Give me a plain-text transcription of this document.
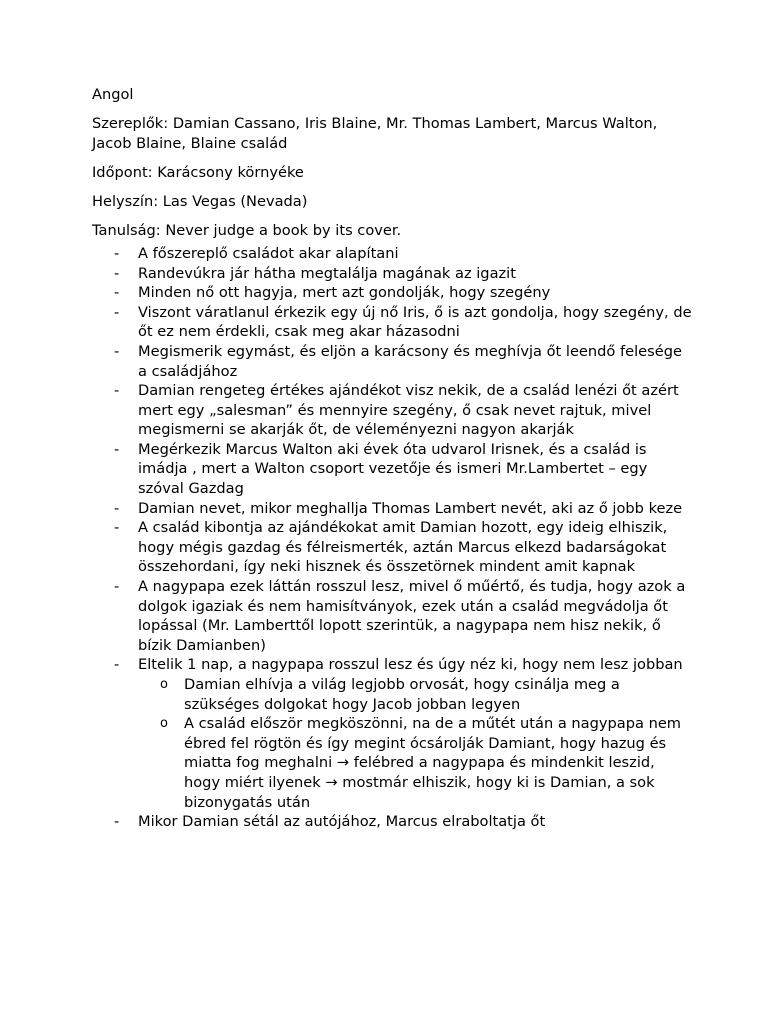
Angol

Szereplők: Damian Cassano, Iris Blaine, Mr. Thomas Lambert, Marcus Walton, Jacob Blaine, Blaine család

Időpont: Karácsony környéke

Helyszín: Las Vegas (Nevada)

Tanulság: Never judge a book by its cover.

- A főszereplő családot akar alapítani
- Randevúkra jár hátha megtalálja magának az igazit
- Minden nő ott hagyja, mert azt gondolják, hogy szegény
- Viszont váratlanul érkezik egy új nő Iris, ő is azt gondolja, hogy szegény, de őt ez nem érdekli, csak meg akar házasodni
- Megismerik egymást, és eljön a karácsony és meghívja őt leendő felesége a családjához
- Damian rengeteg értékes ajándékot visz nekik, de a család lenézi őt azért mert egy „salesman” és mennyire szegény, ő csak nevet rajtuk, mivel megismerni se akarják őt, de véleményezni nagyon akarják
- Megérkezik Marcus Walton aki évek óta udvarol Irisnek, és a család is imádja , mert a Walton csoport vezetője és ismeri Mr.Lambertet – egy szóval Gazdag
- Damian nevet, mikor meghallja Thomas Lambert nevét, aki az ő jobb keze
- A család kibontja az ajándékokat amit Damian hozott, egy ideig elhiszik, hogy mégis gazdag és félreismerték, aztán Marcus elkezd badarságokat összehordani, így neki hisznek és összetörnek mindent amit kapnak
- A nagypapa ezek láttán rosszul lesz, mivel ő műértő, és tudja, hogy azok a dolgok igaziak és nem hamisítványok, ezek után a család megvádolja őt lopással (Mr. Lamberttől lopott szerintük, a nagypapa nem hisz nekik, ő bízik Damianben)
- Eltelik 1 nap, a nagypapa rosszul lesz és úgy néz ki, hogy nem lesz jobban
o Damian elhívja a világ legjobb orvosát, hogy csinálja meg a szükséges dolgokat hogy Jacob jobban legyen
o A család először megköszönni, na de a műtét után a nagypapa nem ébred fel rögtön és így megint ócsárolják Damiant, hogy hazug és miatta fog meghalni → felébred a nagypapa és mindenkit leszid, hogy miért ilyenek → mostmár elhiszik, hogy ki is Damian, a sok bizonygatás után
- Mikor Damian sétál az autójához, Marcus elraboltatja őt
